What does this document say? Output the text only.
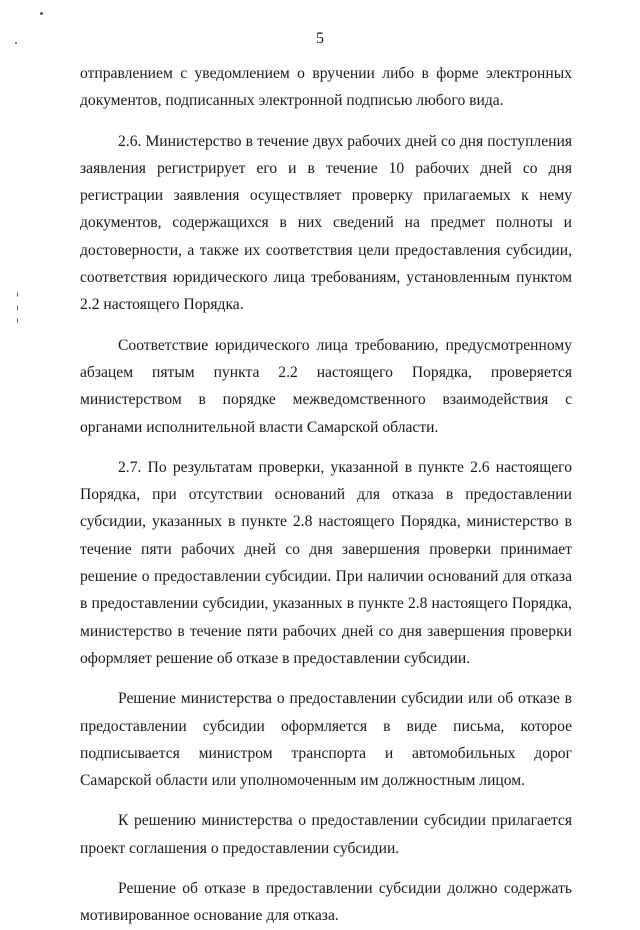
5

отправлением с уведомлением о вручении либо в форме электронных документов, подписанных электронной подписью любого вида.

2.6. Министерство в течение двух рабочих дней со дня поступления заявления регистрирует его и в течение 10 рабочих дней со дня регистрации заявления осуществляет проверку прилагаемых к нему документов, содержащихся в них сведений на предмет полноты и достоверности, а также их соответствия цели предоставления субсидии, соответствия юридического лица требованиям, установленным пунктом 2.2 настоящего Порядка.

Соответствие юридического лица требованию, предусмотренному абзацем пятым пункта 2.2 настоящего Порядка, проверяется министерством в порядке межведомственного взаимодействия с органами исполнительной власти Самарской области.

2.7. По результатам проверки, указанной в пункте 2.6 настоящего Порядка, при отсутствии оснований для отказа в предоставлении субсидии, указанных в пункте 2.8 настоящего Порядка, министерство в течение пяти рабочих дней со дня завершения проверки принимает решение о предоставлении субсидии. При наличии оснований для отказа в предоставлении субсидии, указанных в пункте 2.8 настоящего Порядка, министерство в течение пяти рабочих дней со дня завершения проверки оформляет решение об отказе в предоставлении субсидии.

Решение министерства о предоставлении субсидии или об отказе в предоставлении субсидии оформляется в виде письма, которое подписывается министром транспорта и автомобильных дорог Самарской области или уполномоченным им должностным лицом.

К решению министерства о предоставлении субсидии прилагается проект соглашения о предоставлении субсидии.

Решение об отказе в предоставлении субсидии должно содержать мотивированное основание для отказа.
